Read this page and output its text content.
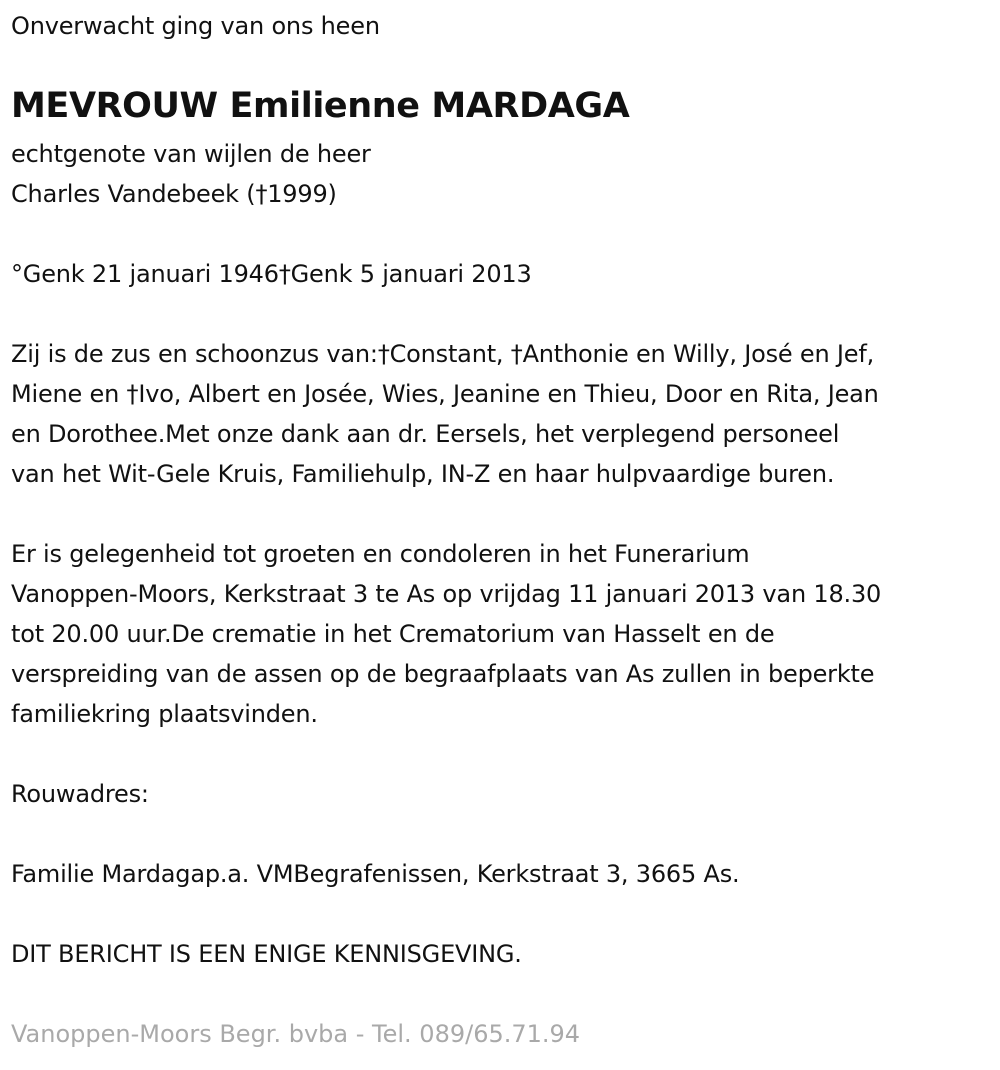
Onverwacht ging van ons heen
MEVROUW Emilienne MARDAGA
echtgenote van wijlen de heer
Charles Vandebeek (†1999)
°Genk 21 januari 1946†Genk 5 januari 2013
Zij is de zus en schoonzus van:†Constant, †Anthonie en Willy, José en Jef,
Miene en †Ivo, Albert en Josée, Wies, Jeanine en Thieu, Door en Rita, Jean
en Dorothee.Met onze dank aan dr. Eersels, het verplegend personeel
van het Wit-Gele Kruis, Familiehulp, IN-Z en haar hulpvaardige buren.
Er is gelegenheid tot groeten en condoleren in het Funerarium
Vanoppen-Moors, Kerkstraat 3 te As op vrijdag 11 januari 2013 van 18.30
tot 20.00 uur.De crematie in het Crematorium van Hasselt en de
verspreiding van de assen op de begraafplaats van As zullen in beperkte
familiekring plaatsvinden.
Rouwadres:
Familie Mardagap.a. VMBegrafenissen, Kerkstraat 3, 3665 As.
DIT BERICHT IS EEN ENIGE KENNISGEVING.
Vanoppen-Moors Begr. bvba - Tel. 089/65.71.94
